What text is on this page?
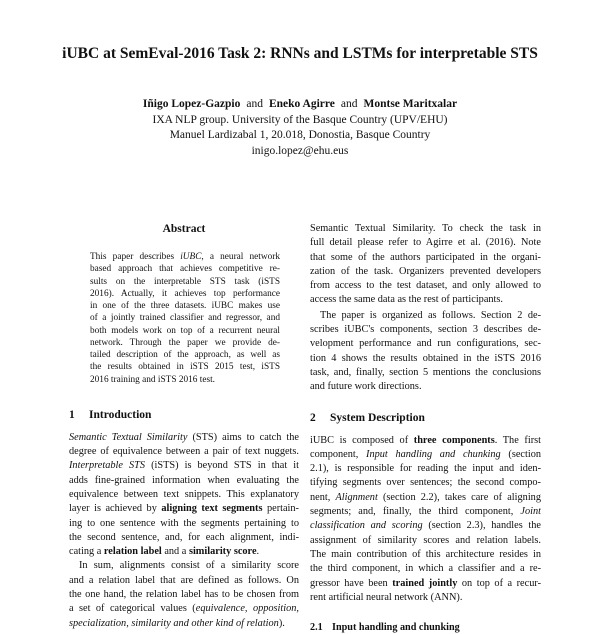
iUBC at SemEval-2016 Task 2: RNNs and LSTMs for interpretable STS
Iñigo Lopez-Gazpio and Eneko Agirre and Montse Maritxalar
IXA NLP group. University of the Basque Country (UPV/EHU)
Manuel Lardizabal 1, 20.018, Donostia, Basque Country
inigo.lopez@ehu.eus
Abstract
This paper describes iUBC, a neural network
based approach that achieves competitive re-
sults on the interpretable STS task (iSTS
2016). Actually, it achieves top performance
in one of the three datasets. iUBC makes use
of a jointly trained classifier and regressor, and
both models work on top of a recurrent neural
network. Through the paper we provide de-
tailed description of the approach, as well as
the results obtained in iSTS 2015 test, iSTS
2016 training and iSTS 2016 test.
1 Introduction
Semantic Textual Similarity (STS) aims to catch the
degree of equivalence between a pair of text nuggets.
Interpretable STS (iSTS) is beyond STS in that it
adds fine-grained information when evaluating the
equivalence between text snippets. This explanatory
layer is achieved by aligning text segments pertain-
ing to one sentence with the segments pertaining to
the second sentence, and, for each alignment, indi-
cating a relation label and a similarity score.
In sum, alignments consist of a similarity score
and a relation label that are defined as follows. On
the one hand, the relation label has to be chosen from
a set of categorical values (equivalence, opposition,
specialization, similarity and other kind of relation).
Semantic Textual Similarity. To check the task in
full detail please refer to Agirre et al. (2016). Note
that some of the authors participated in the organi-
zation of the task. Organizers prevented developers
from access to the test dataset, and only allowed to
access the same data as the rest of participants.
The paper is organized as follows. Section 2 de-
scribes iUBC's components, section 3 describes de-
velopment performance and run configurations, sec-
tion 4 shows the results obtained in the iSTS 2016
task, and, finally, section 5 mentions the conclusions
and future work directions.
2 System Description
iUBC is composed of three components. The first
component, Input handling and chunking (section
2.1), is responsible for reading the input and iden-
tifying segments over sentences; the second compo-
nent, Alignment (section 2.2), takes care of aligning
segments; and, finally, the third component, Joint
classification and scoring (section 2.3), handles the
assignment of similarity scores and relation labels.
The main contribution of this architecture resides in
the third component, in which a classifier and a re-
gressor have been trained jointly on top of a recur-
rent artificial neural network (ANN).
2.1 Input handling and chunking
